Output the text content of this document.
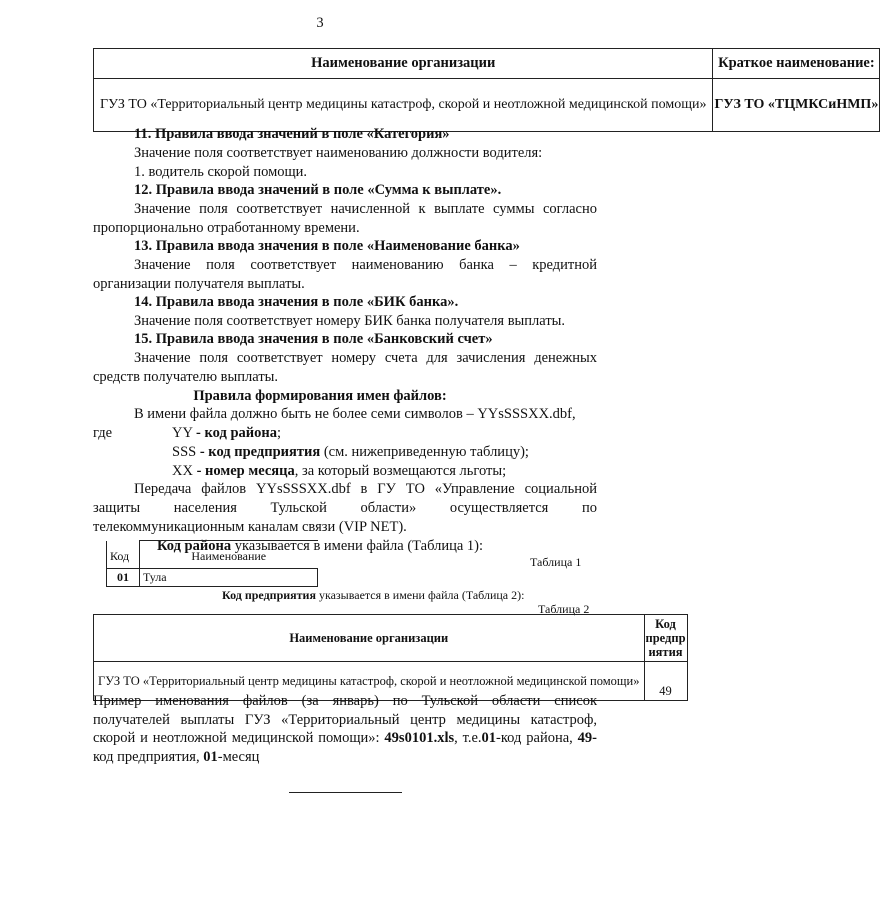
3
Наименование организации	Краткое наименование:
ГУЗ ТО «Территориальный центр медицины катастроф, скорой и неотложной медицинской помощи»	ГУЗ ТО «ТЦМКСиНМП»
11. Правила ввода значений в поле «Категория»
Значение поля соответствует наименованию должности водителя:
1. водитель скорой помощи.
12. Правила ввода значений в поле «Сумма к выплате».
Значение поля соответствует начисленной к выплате суммы согласно
пропорционально отработанному времени.
13. Правила ввода значения в поле «Наименование банка»
Значение поля соответствует наименованию банка – кредитной
организации получателя выплаты.
14. Правила ввода значения в поле «БИК банка».
Значение поля соответствует номеру БИК банка получателя выплаты.
15. Правила ввода значения в поле «Банковский счет»
Значение поля соответствует номеру счета для зачисления денежных
средств получателю выплаты.
Правила формирования имен файлов:
В имени файла должно быть не более семи символов – YYsSSSXX.dbf,
где	YY - код района;
SSS - код предприятия (см. нижеприведенную таблицу);
XX - номер месяца, за который возмещаются льготы;
Передача файлов YYsSSSXX.dbf в ГУ ТО «Управление социальной
защиты населения Тульской области» осуществляется по
телекоммуникационным каналам связи (VIP NET).
Код района указывается в имени файла (Таблица 1):
Таблица 1
Код	Наименование
01	Тула
Код предприятия указывается в имени файла (Таблица 2):
Таблица 2
Наименование организации	Код предпр иятия
ГУЗ ТО «Территориальный центр медицины катастроф, скорой и неотложной медицинской помощи»	49
Пример именования файлов (за январь) по Тульской области список
получателей выплаты ГУЗ «Территориальный центр медицины катастроф,
скорой и неотложной медицинской помощи»: 49s0101.xls, т.е.01-код района, 49-
код предприятия, 01-месяц
